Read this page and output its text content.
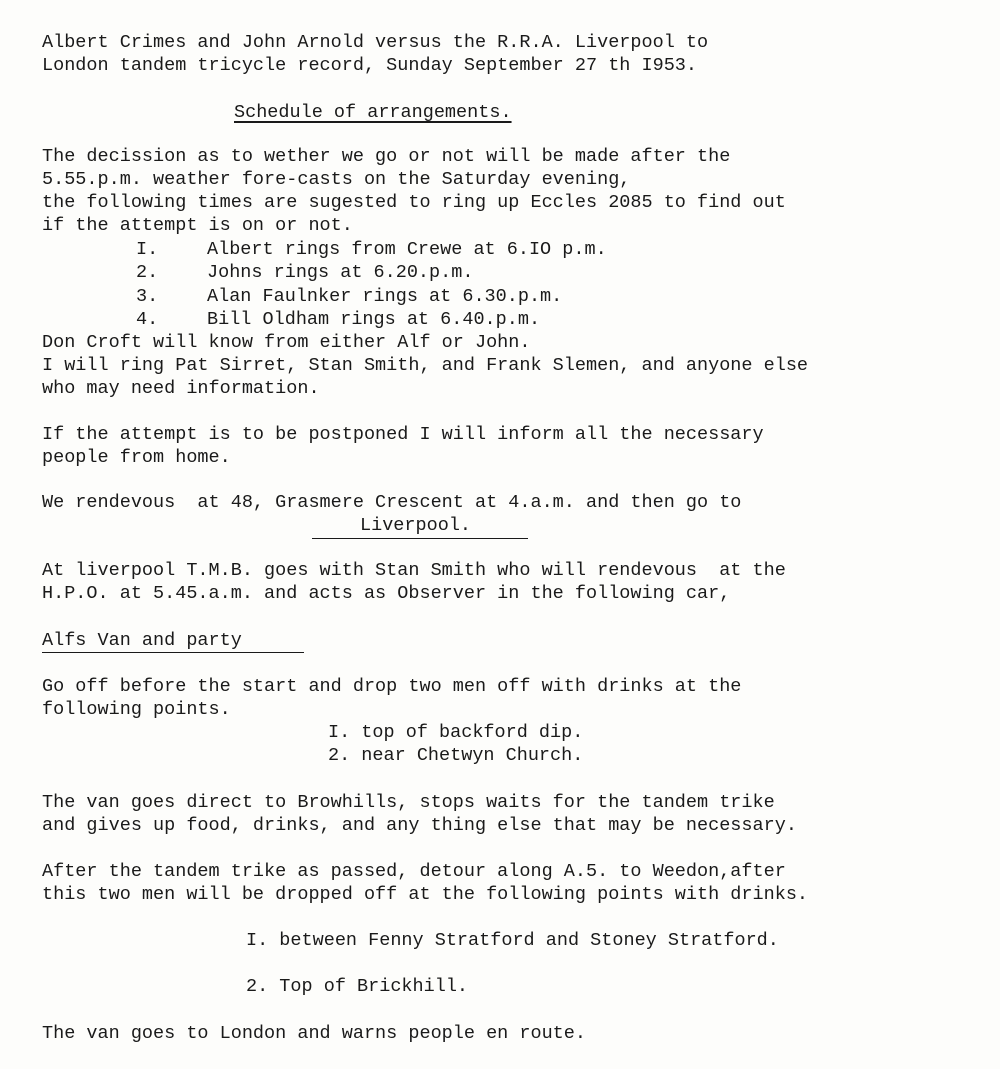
Albert Crimes and John Arnold versus the R.R.A. Liverpool to
London tandem tricycle record, Sunday September 27 th I953.
Schedule of arrangements.
The decission as to wether we go or not will be made after the
5.55.p.m. weather fore-casts on the Saturday evening,
the following times are sugested to ring up Eccles 2085 to find out
if the attempt is on or not.
I.	Albert rings from Crewe at 6.IO p.m.
2.	Johns rings at 6.20.p.m.
3.	Alan Faulnker rings at 6.30.p.m.
4.	Bill Oldham rings at 6.40.p.m.
Don Croft will know from either Alf or John.
I will ring Pat Sirret, Stan Smith, and Frank Slemen, and anyone else
who may need information.
If the attempt is to be postponed I will inform all the necessary
people from home.
We rendevous  at 48, Grasmere Crescent at 4.a.m. and then go to
Liverpool.
At liverpool T.M.B. goes with Stan Smith who will rendevous  at the
H.P.O. at 5.45.a.m. and acts as Observer in the following car,
Alfs Van and party
Go off before the start and drop two men off with drinks at the
following points.
I. top of backford dip.
2. near Chetwyn Church.
The van goes direct to Browhills, stops waits for the tandem trike
and gives up food, drinks, and any thing else that may be necessary.
After the tandem trike as passed, detour along A.5. to Weedon,after
this two men will be dropped off at the following points with drinks.
I. between Fenny Stratford and Stoney Stratford.
2. Top of Brickhill.
The van goes to London and warns people en route.
